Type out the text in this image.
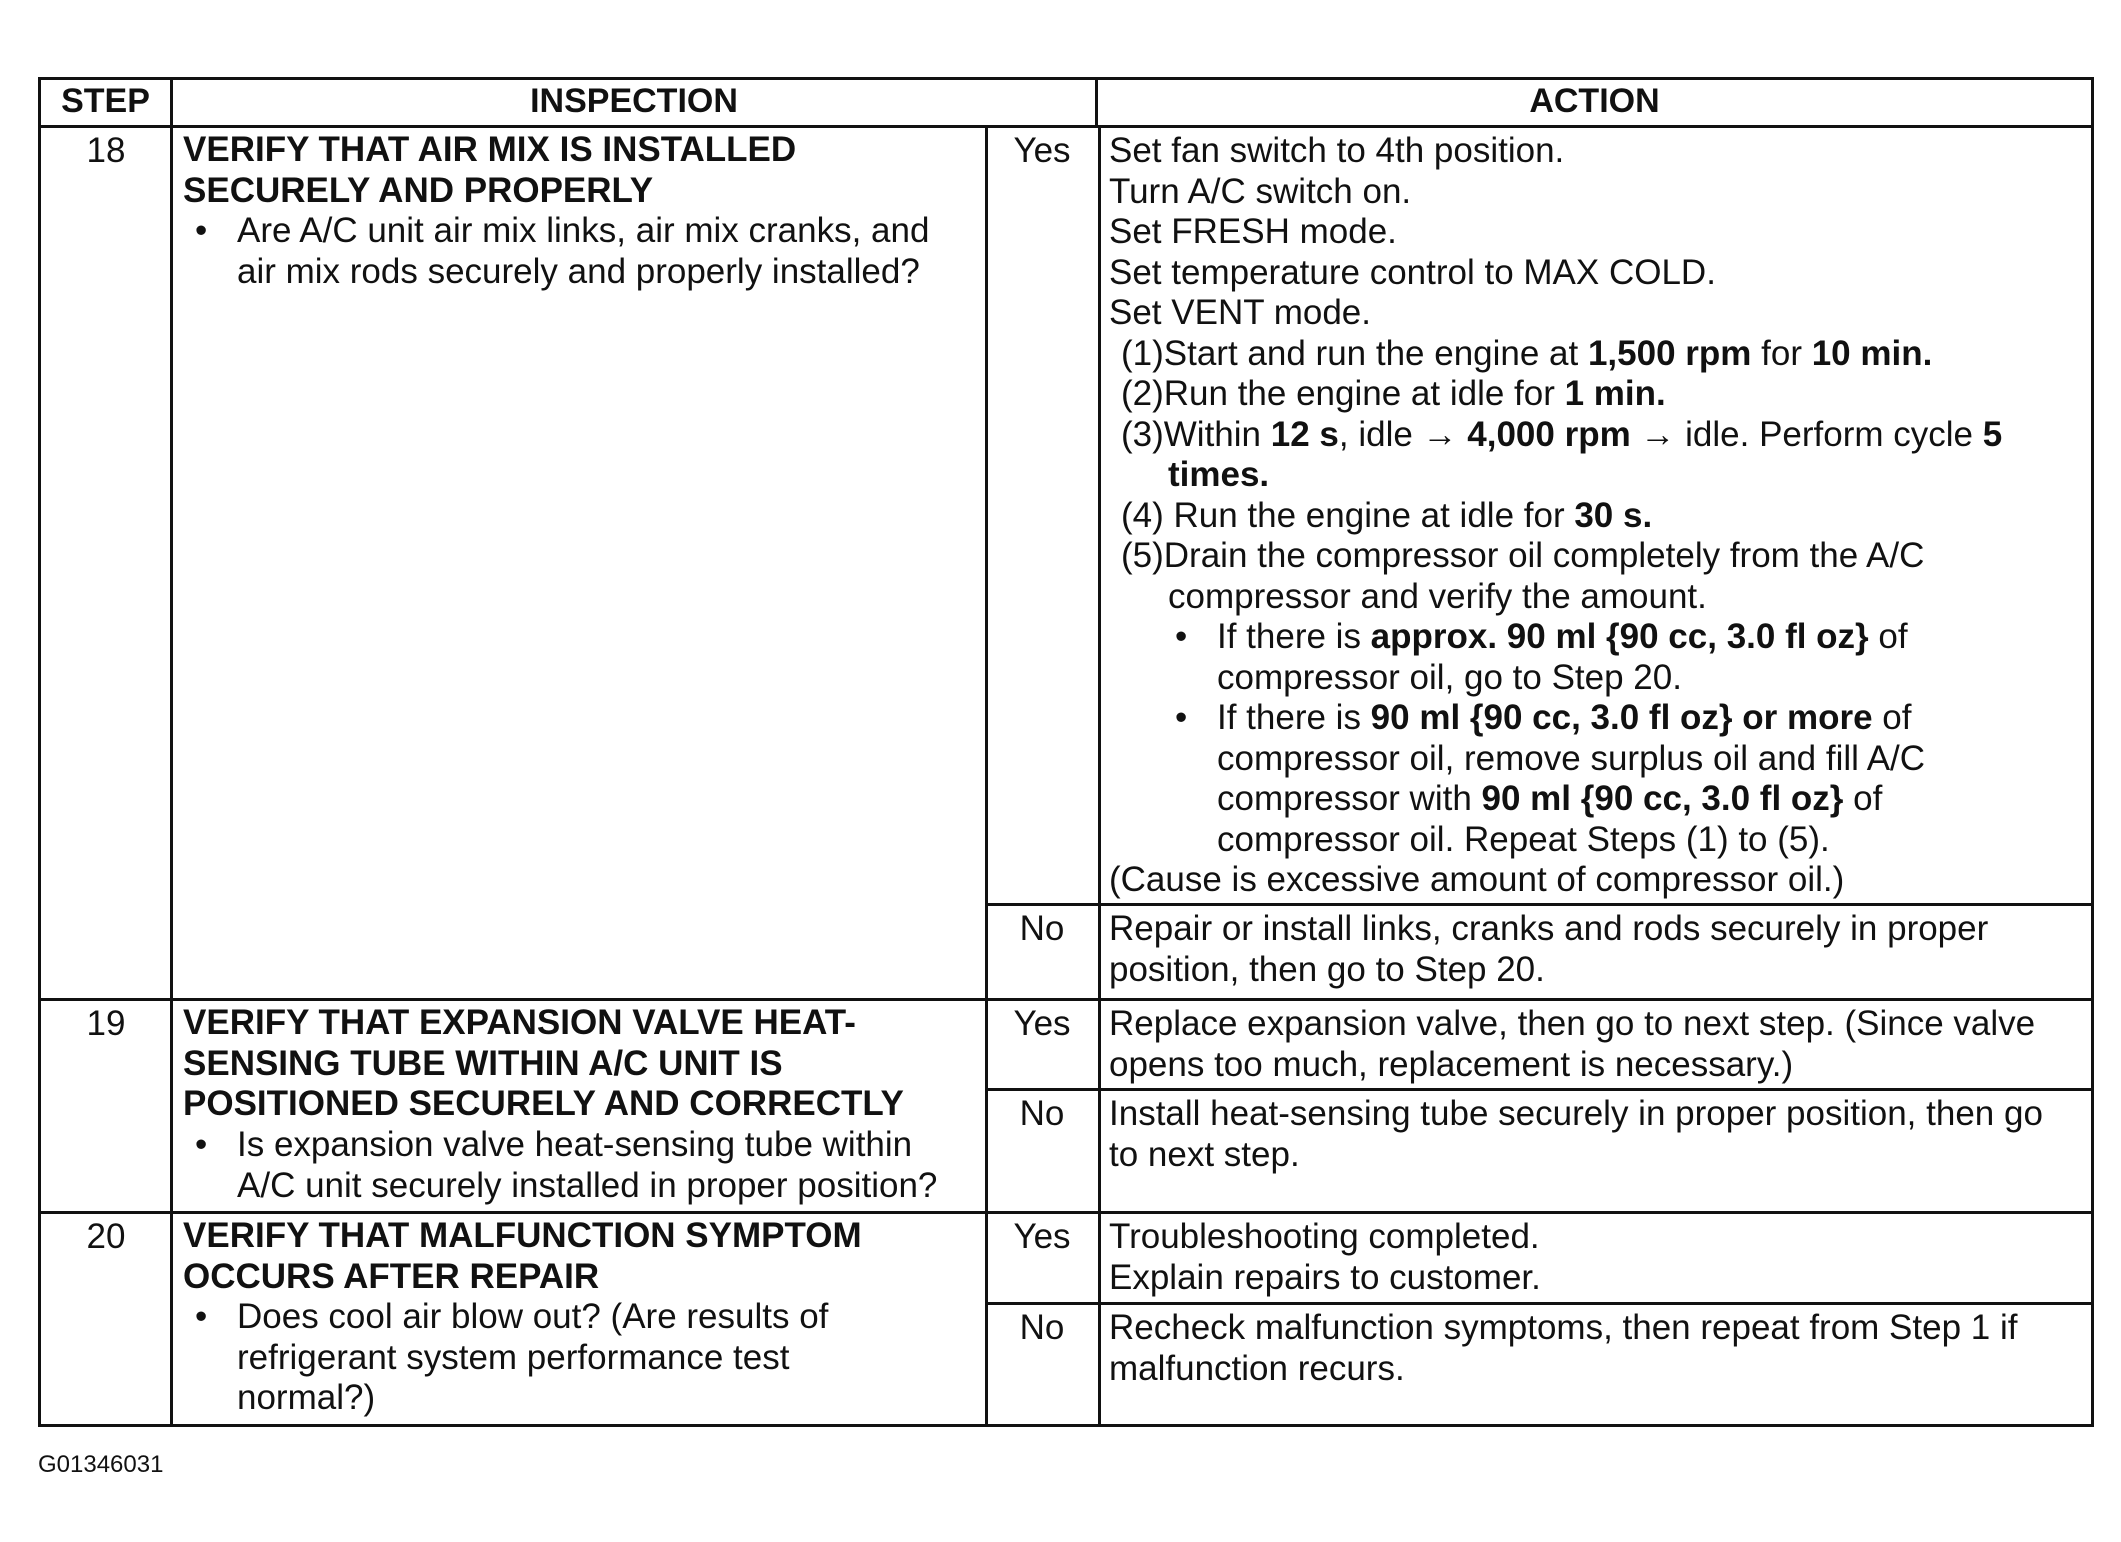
STEP	INSPECTION	ACTION
18	VERIFY THAT AIR MIX IS INSTALLED
SECURELY AND PROPERLY
• Are A/C unit air mix links, air mix cranks, and
air mix rods securely and properly installed?
Yes	Set fan switch to 4th position.
Turn A/C switch on.
Set FRESH mode.
Set temperature control to MAX COLD.
Set VENT mode.
(1)Start and run the engine at 1,500 rpm for 10 min.
(2)Run the engine at idle for 1 min.
(3)Within 12 s, idle → 4,000 rpm → idle. Perform cycle 5
times.
(4) Run the engine at idle for 30 s.
(5)Drain the compressor oil completely from the A/C
compressor and verify the amount.
• If there is approx. 90 ml {90 cc, 3.0 fl oz} of
compressor oil, go to Step 20.
• If there is 90 ml {90 cc, 3.0 fl oz} or more of
compressor oil, remove surplus oil and fill A/C
compressor with 90 ml {90 cc, 3.0 fl oz} of
compressor oil. Repeat Steps (1) to (5).
(Cause is excessive amount of compressor oil.)
No	Repair or install links, cranks and rods securely in proper
position, then go to Step 20.
19	VERIFY THAT EXPANSION VALVE HEAT-
SENSING TUBE WITHIN A/C UNIT IS
POSITIONED SECURELY AND CORRECTLY
• Is expansion valve heat-sensing tube within
A/C unit securely installed in proper position?
Yes	Replace expansion valve, then go to next step. (Since valve
opens too much, replacement is necessary.)
No	Install heat-sensing tube securely in proper position, then go
to next step.
20	VERIFY THAT MALFUNCTION SYMPTOM
OCCURS AFTER REPAIR
• Does cool air blow out? (Are results of
refrigerant system performance test
normal?)
Yes	Troubleshooting completed.
Explain repairs to customer.
No	Recheck malfunction symptoms, then repeat from Step 1 if
malfunction recurs.
G01346031
